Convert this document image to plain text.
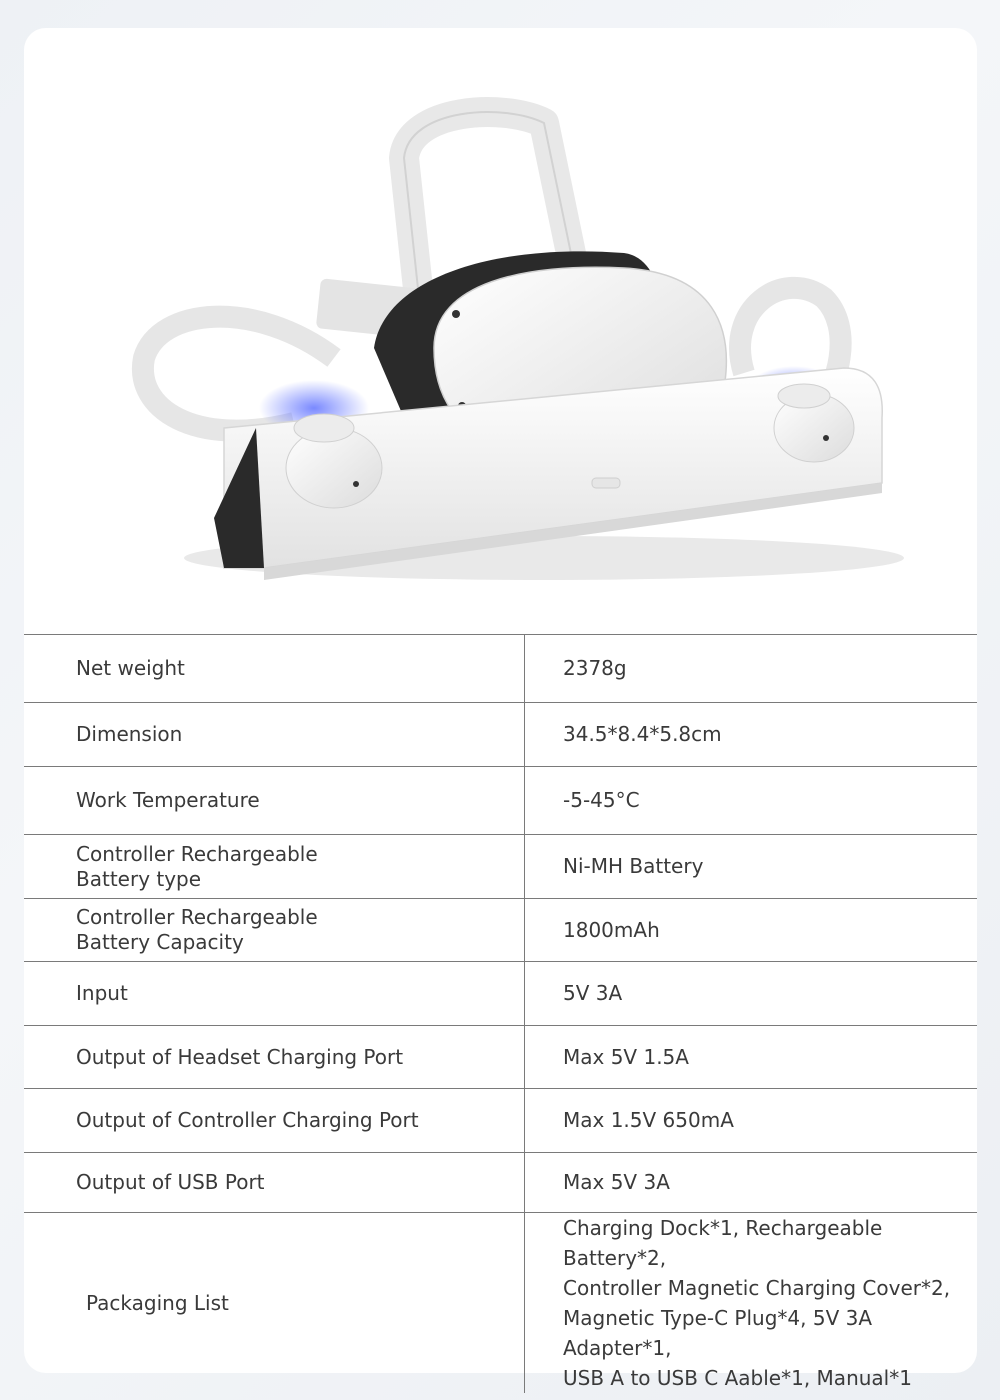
Net weight	2378g

Dimension	34.5*8.4*5.8cm

Work Temperature	-5-45°C

Controller Rechargeable
Battery type	Ni-MH Battery

Controller Rechargeable
Battery Capacity	1800mAh

Input	5V 3A

Output of Headset Charging Port	Max 5V 1.5A

Output of Controller Charging Port	Max 1.5V 650mA

Output of USB Port	Max 5V 3A

Packaging List	Charging Dock*1, Rechargeable Battery*2,
Controller Magnetic Charging Cover*2,
Magnetic Type-C Plug*4, 5V 3A Adapter*1,
USB A to USB C Aable*1, Manual*1
